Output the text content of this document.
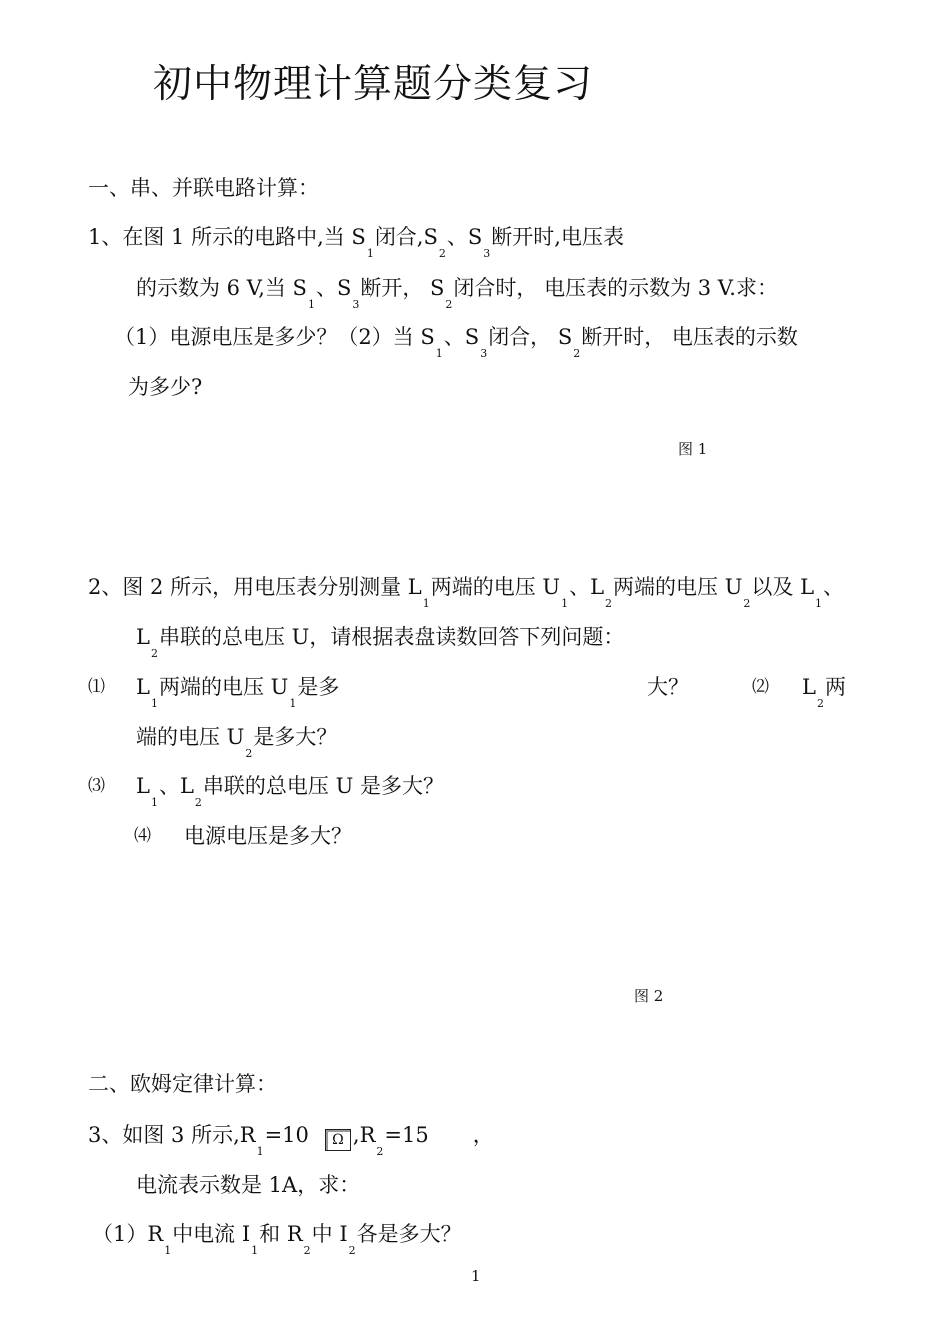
初中物理计算题分类复习
一、串、并联电路计算：
1、在图 1 所示的电路中,当 $S_1$闭合$,S_2$、$S_3$断开时,电压表
的示数为 6 V,当 $S_1$、$S_3$断开， $S_2$闭合时， 电压表的示数为 3 V.求：
（1）电源电压是多少？（2）当 $S_1$、$S_3$闭合， $S_2$断开时， 电压表的示数
为多少?
图 1
2、图 2 所示，用电压表分别测量 $L_1$两端的电压 $U_1$、$L_2$两端的电压 $U_2$以及 $L_1$、
$L_2$串联的总电压 U，请根据表盘读数回答下列问题：
⑴ $L_1$两端的电压 $U_1$是多	大？	⑵ $L_2$两
端的电压 $U_2$是多大？
⑶ $L_1$、$L_2$串联的总电压 U 是多大？
⑷ 电源电压是多大？
图 2
二、欧姆定律计算：
3、如图 3 所示$,R_1=10$ Ω $,R_2=15$ ，
电流表示数是 1A，求：
$(1)R_1$中电流 $I_1$和 $R_2$中 $I_2$各是多大？
1
